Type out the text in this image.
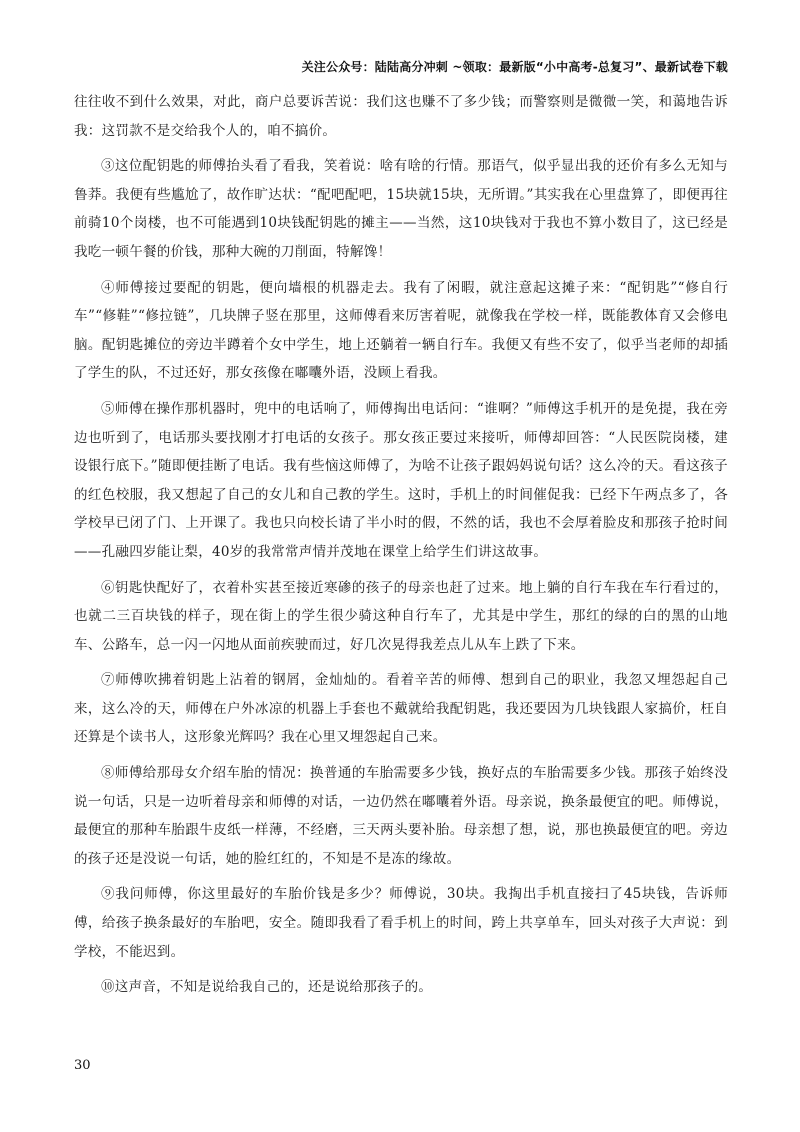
关注公众号：陆陆高分冲刺 ~领取：最新版“小中高考-总复习”、最新试卷下载

往往收不到什么效果，对此，商户总要诉苦说：我们这也赚不了多少钱；而警察则是微微一笑，和蔼地告诉我：这罚款不是交给我个人的，咱不搞价。

③这位配钥匙的师傅抬头看了看我，笑着说：啥有啥的行情。那语气，似乎显出我的还价有多么无知与鲁莽。我便有些尴尬了，故作旷达状：“配吧配吧，15块就15块，无所谓。”其实我在心里盘算了，即便再往前骑10个岗楼，也不可能遇到10块钱配钥匙的摊主——当然，这10块钱对于我也不算小数目了，这已经是我吃一顿午餐的价钱，那种大碗的刀削面，特解馋！

④师傅接过要配的钥匙，便向墙根的机器走去。我有了闲暇，就注意起这摊子来：“配钥匙”“修自行车”“修鞋”“修拉链”，几块牌子竖在那里，这师傅看来厉害着呢，就像我在学校一样，既能教体育又会修电脑。配钥匙摊位的旁边半蹲着个女中学生，地上还躺着一辆自行车。我便又有些不安了，似乎当老师的却插了学生的队，不过还好，那女孩像在嘟囔外语，没顾上看我。

⑤师傅在操作那机器时，兜中的电话响了，师傅掏出电话问：“谁啊？”师傅这手机开的是免提，我在旁边也听到了，电话那头要找刚才打电话的女孩子。那女孩正要过来接听，师傅却回答：“人民医院岗楼，建设银行底下。”随即便挂断了电话。我有些恼这师傅了，为啥不让孩子跟妈妈说句话？这么冷的天。看这孩子的红色校服，我又想起了自己的女儿和自己教的学生。这时，手机上的时间催促我：已经下午两点多了，各学校早已闭了门、上开课了。我也只向校长请了半小时的假，不然的话，我也不会厚着脸皮和那孩子抢时间——孔融四岁能让梨，40岁的我常常声情并茂地在课堂上给学生们讲这故事。

⑥钥匙快配好了，衣着朴实甚至接近寒碜的孩子的母亲也赶了过来。地上躺的自行车我在车行看过的，也就二三百块钱的样子，现在街上的学生很少骑这种自行车了，尤其是中学生，那红的绿的白的黑的山地车、公路车，总一闪一闪地从面前疾驶而过，好几次晃得我差点儿从车上跌了下来。

⑦师傅吹拂着钥匙上沾着的钢屑，金灿灿的。看着辛苦的师傅、想到自己的职业，我忽又埋怨起自己来，这么冷的天，师傅在户外冰凉的机器上手套也不戴就给我配钥匙，我还要因为几块钱跟人家搞价，枉自还算是个读书人，这形象光辉吗？我在心里又埋怨起自己来。

⑧师傅给那母女介绍车胎的情况：换普通的车胎需要多少钱，换好点的车胎需要多少钱。那孩子始终没说一句话，只是一边听着母亲和师傅的对话，一边仍然在嘟囔着外语。母亲说，换条最便宜的吧。师傅说，最便宜的那种车胎跟牛皮纸一样薄，不经磨，三天两头要补胎。母亲想了想，说，那也换最便宜的吧。旁边的孩子还是没说一句话，她的脸红红的，不知是不是冻的缘故。

⑨我问师傅，你这里最好的车胎价钱是多少？师傅说，30块。我掏出手机直接扫了45块钱，告诉师傅，给孩子换条最好的车胎吧，安全。随即我看了看手机上的时间，跨上共享单车，回头对孩子大声说：到学校，不能迟到。

⑩这声音，不知是说给我自己的，还是说给那孩子的。

30
